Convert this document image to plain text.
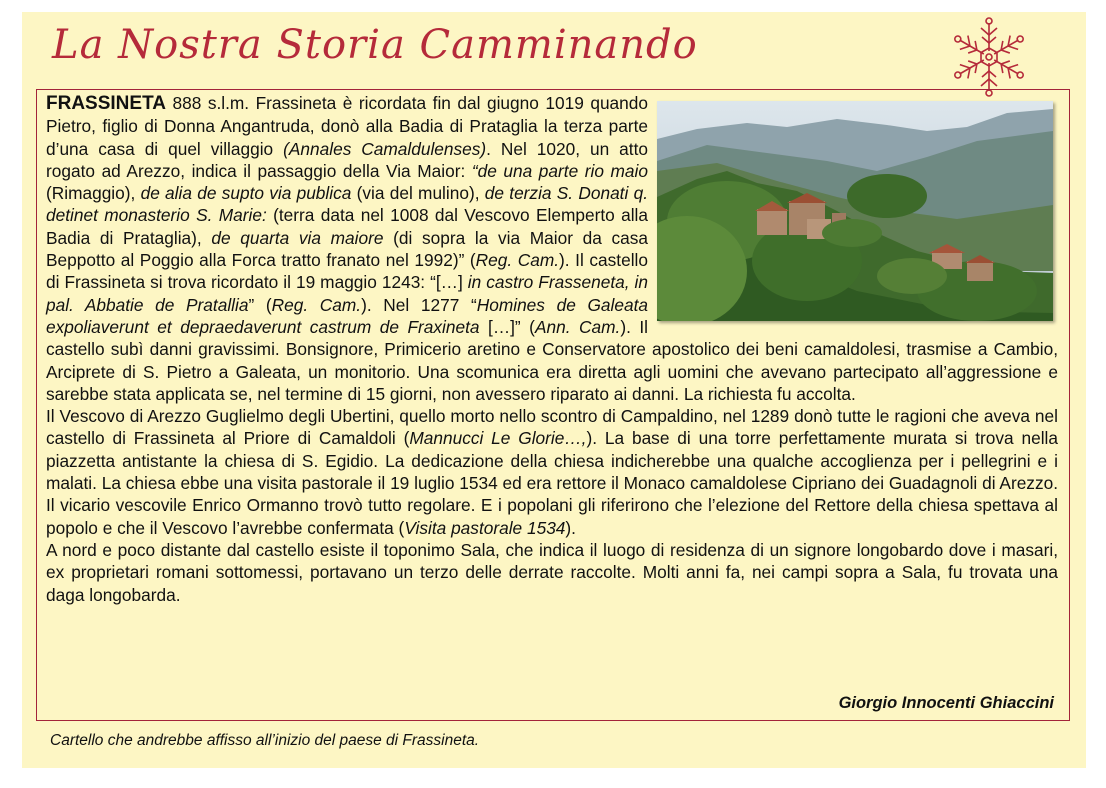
La Nostra Storia Camminando

FRASSINETA 888 s.l.m. Frassineta è ricordata fin dal giugno 1019 quando Pietro, figlio di Donna Angantruda, donò alla Badia di Prataglia la terza parte d’una casa di quel villaggio (Annales Camaldulenses). Nel 1020, un atto rogato ad Arezzo, indica il passaggio della Via Maior: “de una parte rio maio (Rimaggio), de alia de supto via publica (via del mulino), de terzia S. Donati q. detinet monasterio S. Marie: (terra data nel 1008 dal Vescovo Elemperto alla Badia di Prataglia), de quarta via maiore (di sopra la via Maior da casa Beppotto al Poggio alla Forca tratto franato nel 1992)” (Reg. Cam.). Il castello di Frassineta si trova ricordato il 19 maggio 1243: “[…] in castro Frasseneta, in pal. Abbatie de Pratallia” (Reg. Cam.). Nel 1277 “Homines de Galeata expoliaverunt et depraedaverunt castrum de Fraxineta […]” (Ann. Cam.). Il castello subì danni gravissimi. Bonsignore, Primicerio aretino e Conservatore apostolico dei beni camaldolesi, trasmise a Cambio, Arciprete di S. Pietro a Galeata, un monitorio. Una scomunica era diretta agli uomini che avevano partecipato all’aggressione e sarebbe stata applicata se, nel termine di 15 giorni, non avessero riparato ai danni. La richiesta fu accolta.

Il Vescovo di Arezzo Guglielmo degli Ubertini, quello morto nello scontro di Campaldino, nel 1289 donò tutte le ragioni che aveva nel castello di Frassineta al Priore di Camaldoli (Mannucci Le Glorie…,). La base di una torre perfettamente murata si trova nella piazzetta antistante la chiesa di S. Egidio. La dedicazione della chiesa indicherebbe una qualche accoglienza per i pellegrini e i malati. La chiesa ebbe una visita pastorale il 19 luglio 1534 ed era rettore il Monaco camaldolese Cipriano dei Guadagnoli di Arezzo. Il vicario vescovile Enrico Ormanno trovò tutto regolare. E i popolani gli riferirono che l’elezione del Rettore della chiesa spettava al popolo e che il Vescovo l’avrebbe confermata (Visita pastorale 1534).

A nord e poco distante dal castello esiste il toponimo Sala, che indica il luogo di residenza di un signore longobardo dove i masari, ex proprietari romani sottomessi, portavano un terzo delle derrate raccolte. Molti anni fa, nei campi sopra a Sala, fu trovata una daga longobarda.

Giorgio Innocenti Ghiaccini
Cartello che andrebbe affisso all’inizio del paese di Frassineta.
